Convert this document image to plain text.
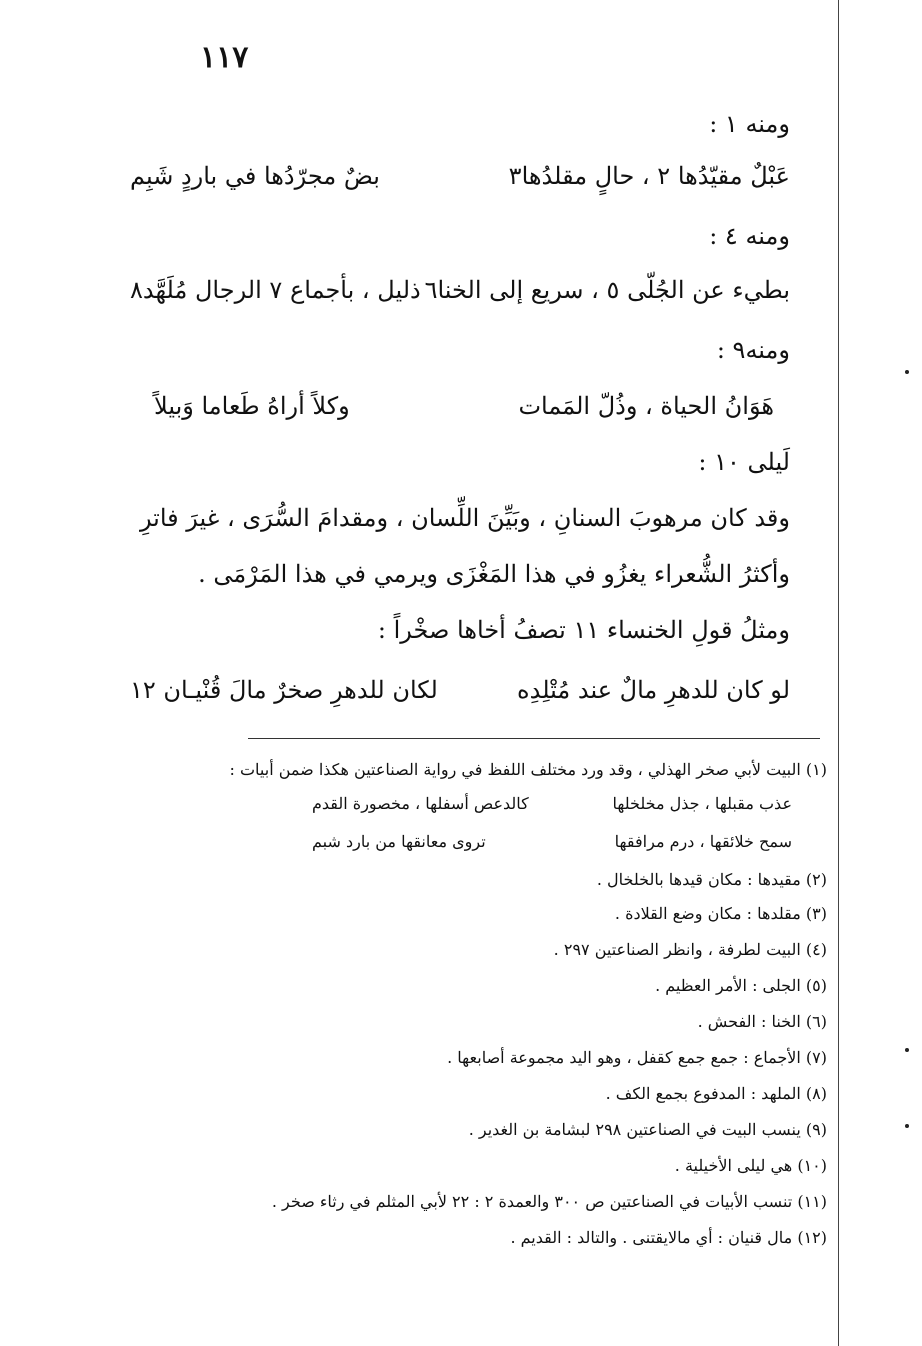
١١٧
ومنه ١ :
عَبْلٌ مقيّدُها ٢ ، حالٍ مقلدُها٣
بضٌ مجرّدُها في باردٍ شَبِم
ومنه ٤ :
بطيء عن الجُلّى ٥ ، سريع إلى الخنا٦
ذليل ، بأجماع ٧ الرجال مُلَهَّد٨
ومنه٩ :
هَوَانُ الحياة ، وذُلّ المَمات
وكلاً أراهُ طَعاما وَبيلاً
لَيلى ١٠ :
وقد كان مرهوبَ السنانِ ، وبَيِّنَ اللِّسان ، ومقدامَ السُّرَى ، غيرَ فاترِ
وأكثرُ الشُّعراء يغزُو في هذا المَغْزَى ويرمي في هذا المَرْمَى .
ومثلُ قولِ الخنساء ١١ تصفُ أخاها صخْراً :
لو كان للدهرِ مالٌ عند مُتْلِدِه
لكان للدهرِ صخرٌ مالَ قُنْيـان ١٢
(١) البيت لأبي صخر الهذلي ، وقد ورد مختلف اللفظ في رواية الصناعتين هكذا ضمن أبيات :
عذب مقبلها ، جذل مخلخلها
كالدعص أسفلها ، مخصورة القدم
سمح خلائقها ، درم مرافقها
تروى معانقها من بارد شبم
(٢) مقيدها : مكان قيدها بالخلخال .
(٣) مقلدها : مكان وضع القلادة .
(٤) البيت لطرفة ، وانظر الصناعتين ٢٩٧ .
(٥) الجلى : الأمر العظيم .
(٦) الخنا : الفحش .
(٧) الأجماع : جمع جمع كقفل ، وهو اليد مجموعة أصابعها .
(٨) الملهد : المدفوع بجمع الكف .
(٩) ينسب البيت في الصناعتين ٢٩٨ لبشامة بن الغدير .
(١٠) هي ليلى الأخيلية .
(١١) تنسب الأبيات في الصناعتين ص ٣٠٠ والعمدة ٢ : ٢٢ لأبي المثلم في رثاء صخر .
(١٢) مال قنيان : أي مالايقتنى . والتالد : القديم .
